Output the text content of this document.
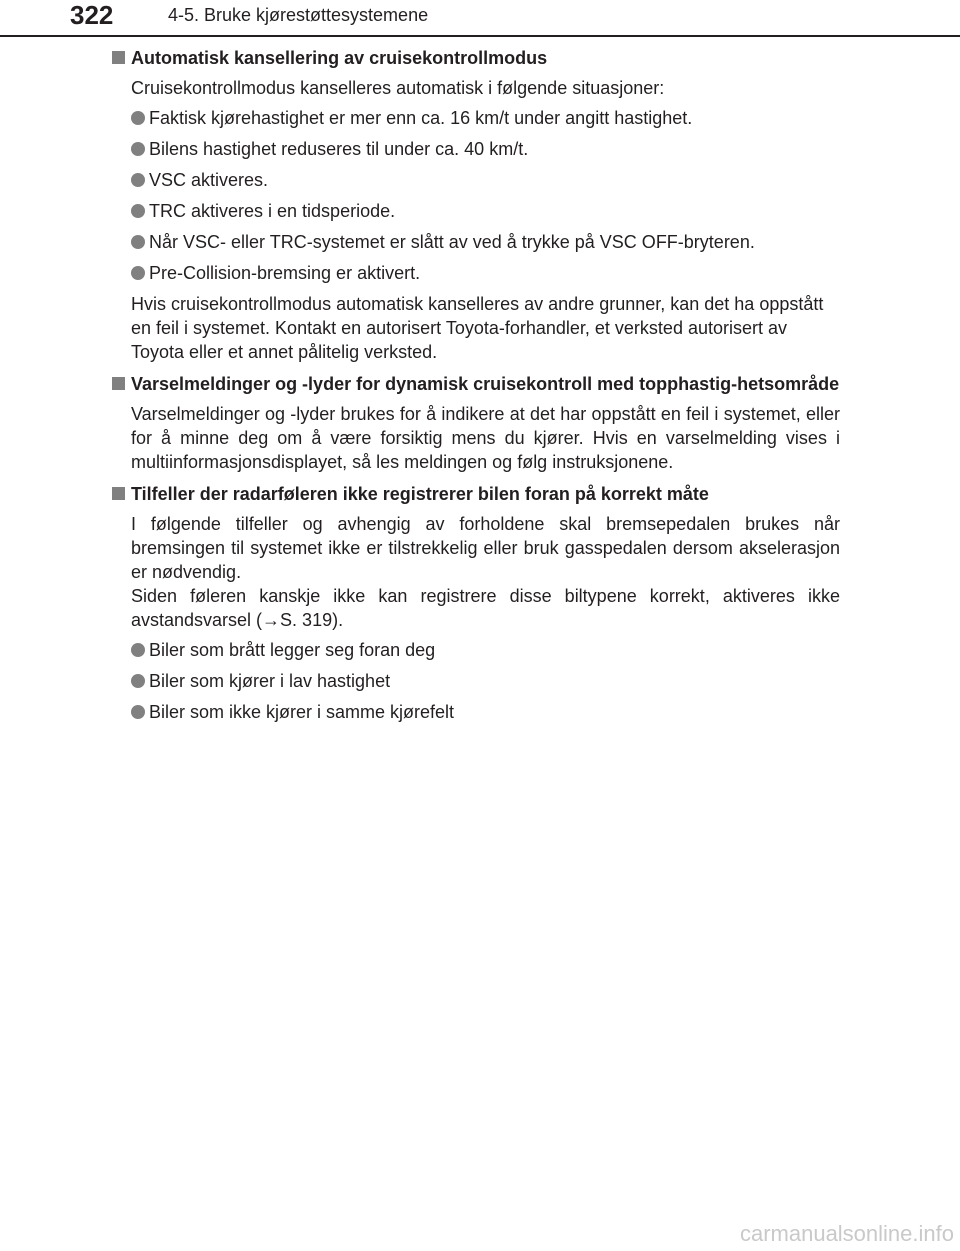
322	4-5. Bruke kjørestøttesystemene
Automatisk kansellering av cruisekontrollmodus

Cruisekontrollmodus kanselleres automatisk i følgende situasjoner:

Faktisk kjørehastighet er mer enn ca. 16 km/t under angitt hastighet.
Bilens hastighet reduseres til under ca. 40 km/t.
VSC aktiveres.
TRC aktiveres i en tidsperiode.
Når VSC- eller TRC-systemet er slått av ved å trykke på VSC OFF-bryteren.
Pre-Collision-bremsing er aktivert.

Hvis cruisekontrollmodus automatisk kanselleres av andre grunner, kan det ha oppstått en feil i systemet. Kontakt en autorisert Toyota-forhandler, et verksted autorisert av Toyota eller et annet pålitelig verksted.

Varselmeldinger og -lyder for dynamisk cruisekontroll med topphastig-hetsområde

Varselmeldinger og -lyder brukes for å indikere at det har oppstått en feil i systemet, eller for å minne deg om å være forsiktig mens du kjører. Hvis en varselmelding vises i multiinformasjonsdisplayet, så les meldingen og følg instruksjonene.

Tilfeller der radarføleren ikke registrerer bilen foran på korrekt måte

I følgende tilfeller og avhengig av forholdene skal bremsepedalen brukes når bremsingen til systemet ikke er tilstrekkelig eller bruk gasspedalen dersom akselerasjon er nødvendig.

Siden føleren kanskje ikke kan registrere disse biltypene korrekt, aktiveres ikke avstandsvarsel (→S. 319).

Biler som brått legger seg foran deg
Biler som kjører i lav hastighet
Biler som ikke kjører i samme kjørefelt
carmanualsonline.info
